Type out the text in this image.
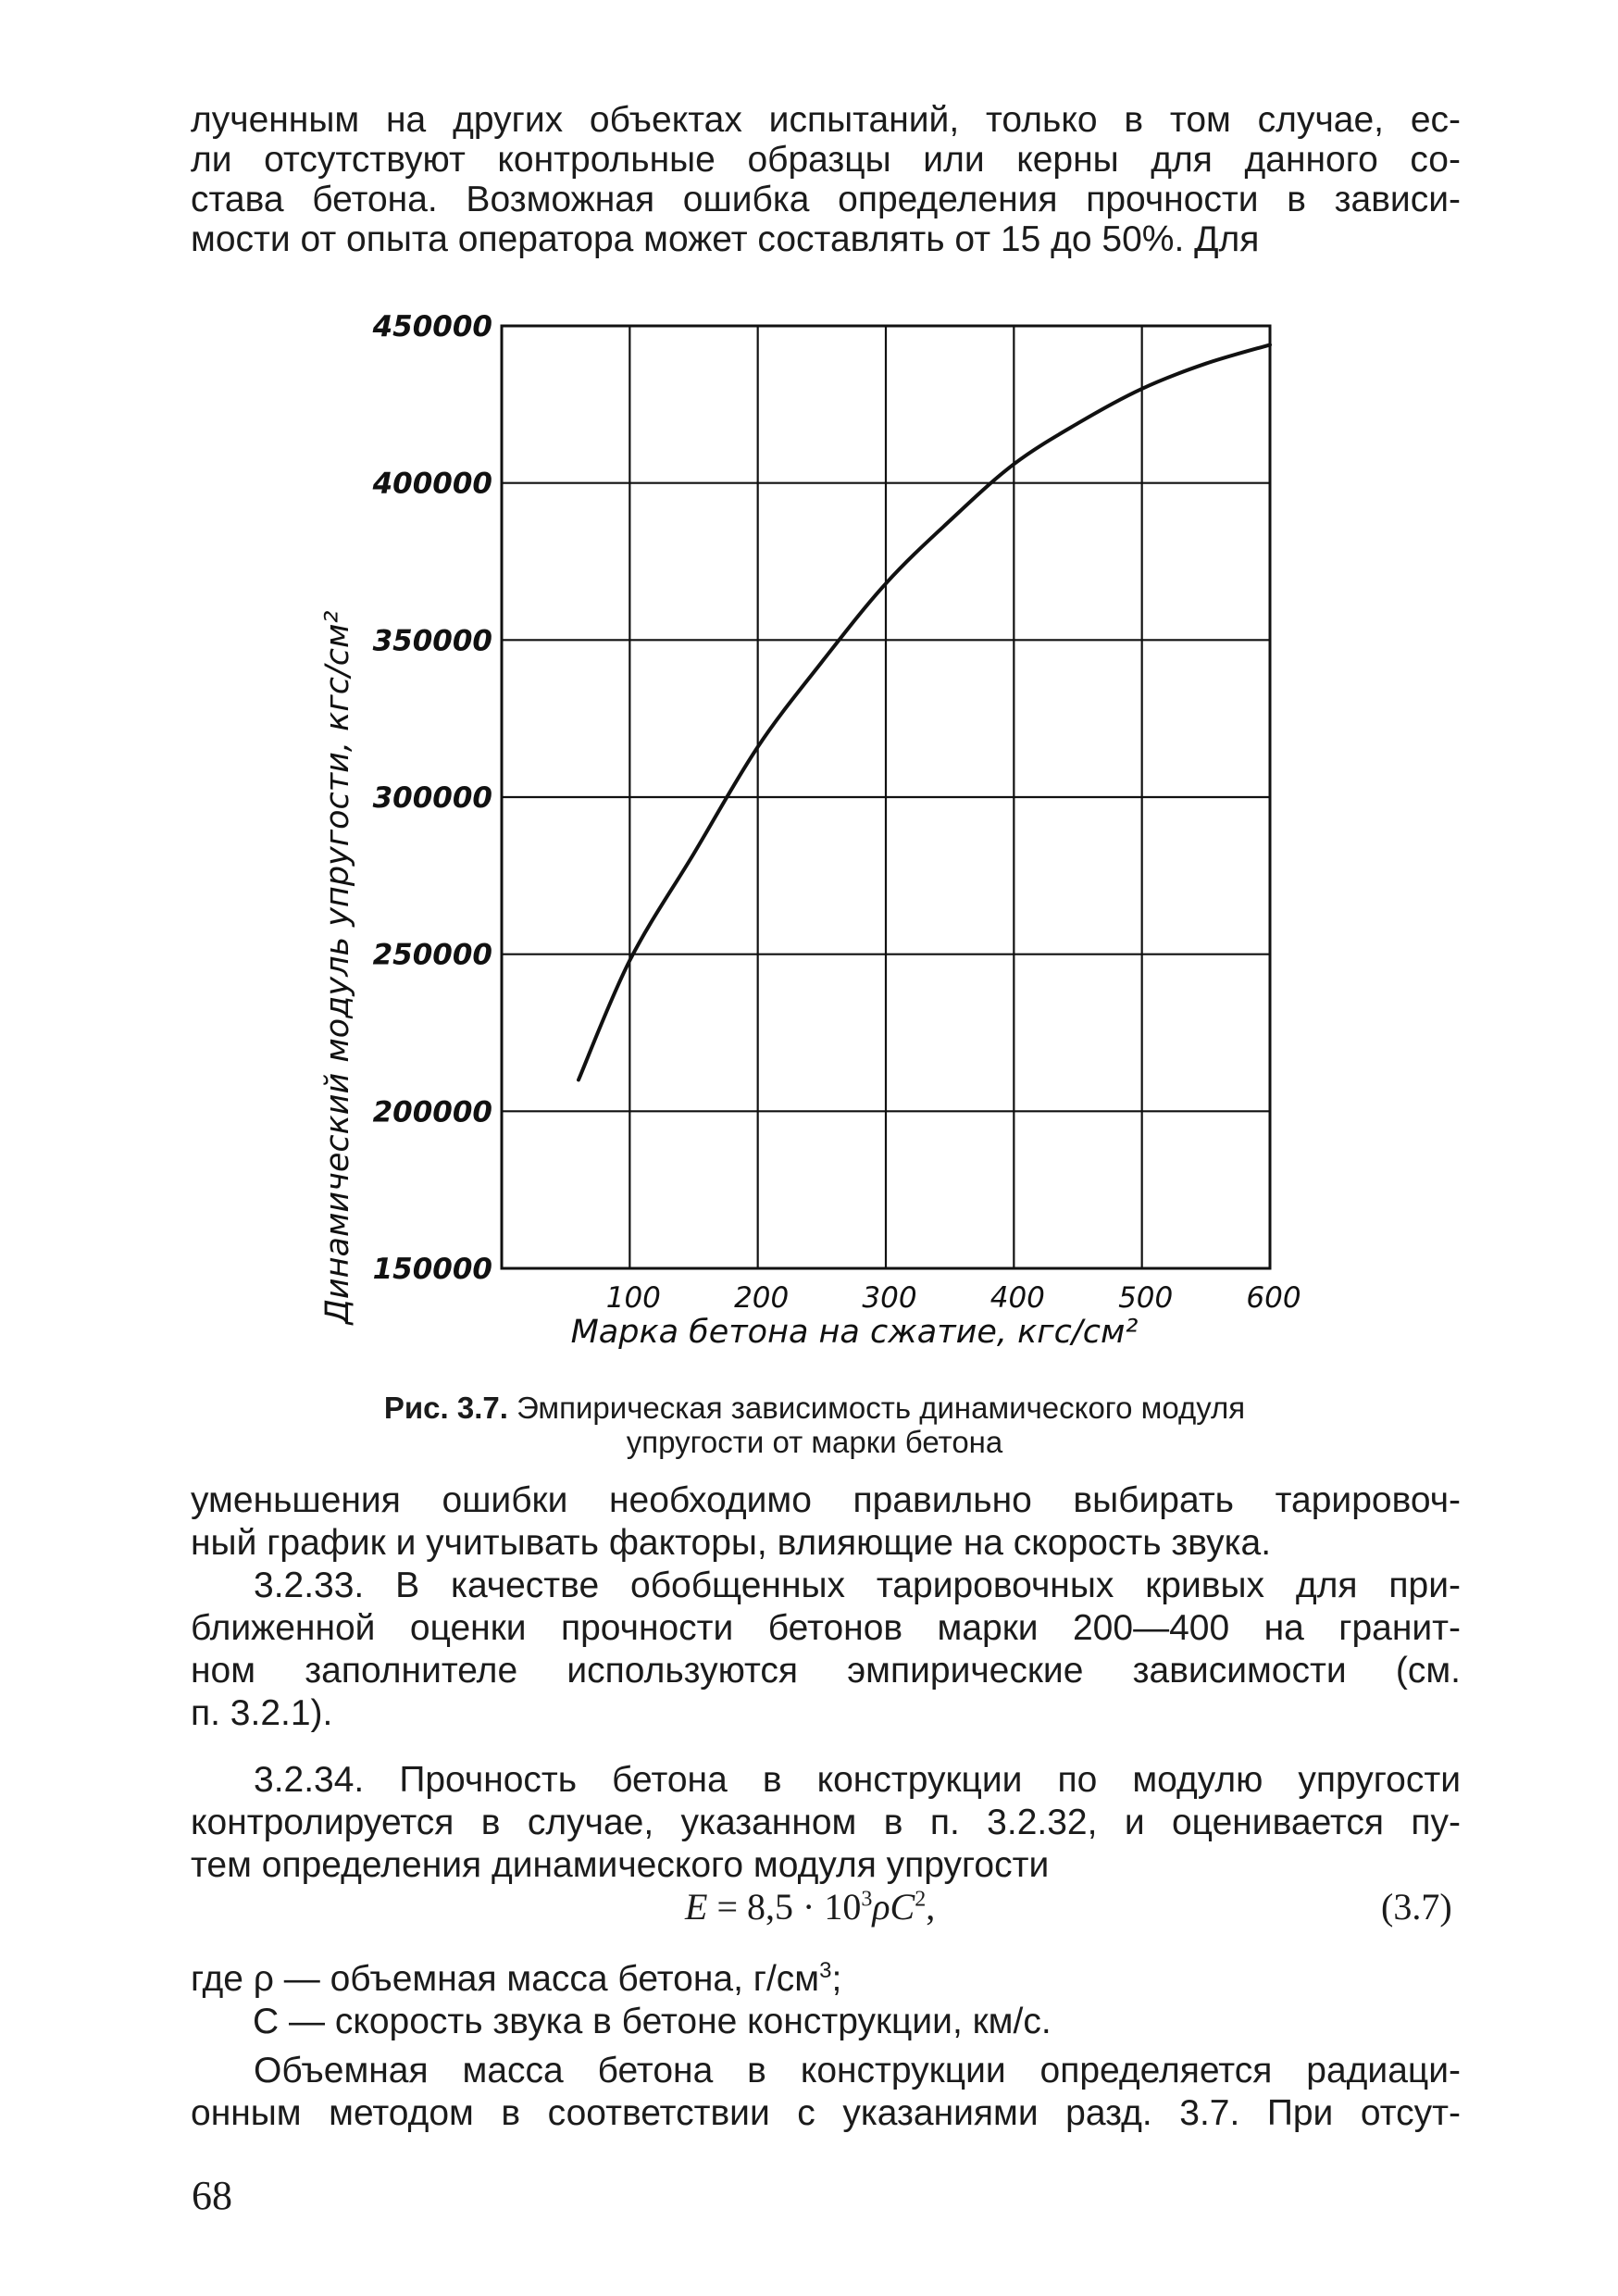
лученным на других объектах испытаний, только в том случае, ес-
ли отсутствуют контрольные образцы или керны для данного со-
става бетона. Возможная ошибка определения прочности в зависи-
мости от опыта оператора может составлять от 15 до 50%. Для
450000
400000
350000
300000
250000
200000
150000
100	200	300	400	500	600
Марка бетона на сжатие, кгс/см²
Динамический модуль упругости, кгс/см²
Рис. 3.7. Эмпирическая зависимость динамического модуля
упругости от марки бетона
уменьшения ошибки необходимо правильно выбирать тарировоч-
ный график и учитывать факторы, влияющие на скорость звука.
3.2.33. В качестве обобщенных тарировочных кривых для при-
ближенной оценки прочности бетонов марки 200—400 на гранит-
ном заполнителе используются эмпирические зависимости (см.
п. 3.2.1).
3.2.34. Прочность бетона в конструкции по модулю упругости
контролируется в случае, указанном в п. 3.2.32, и оценивается пу-
тем определения динамического модуля упругости
$E = 8,5 \cdot 10^3\rho C^2$,	(3.7)
где ρ — объемная масса бетона, $г/см^3$;
C — скорость звука в бетоне конструкции, км/с.
Объемная масса бетона в конструкции определяется радиаци-
онным методом в соответствии с указаниями разд. 3.7. При отсут-
68
